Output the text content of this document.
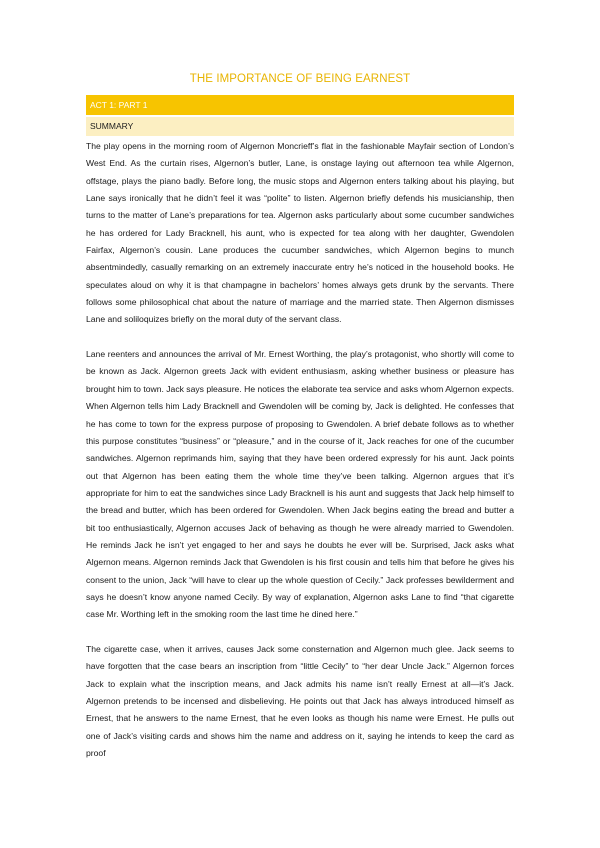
THE IMPORTANCE OF BEING EARNEST
ACT 1: PART 1
SUMMARY

The play opens in the morning room of Algernon Moncrieff’s flat in the fashionable Mayfair section of London’s West End. As the curtain rises, Algernon’s butler, Lane, is onstage laying out afternoon tea while Algernon, offstage, plays the piano badly. Before long, the music stops and Algernon enters talking about his playing, but Lane says ironically that he didn’t feel it was “polite” to listen. Algernon briefly defends his musicianship, then turns to the matter of Lane’s preparations for tea. Algernon asks particularly about some cucumber sandwiches he has ordered for Lady Bracknell, his aunt, who is expected for tea along with her daughter, Gwendolen Fairfax, Algernon’s cousin. Lane produces the cucumber sandwiches, which Algernon begins to munch absentmindedly, casually remarking on an extremely inaccurate entry he’s noticed in the household books. He speculates aloud on why it is that champagne in bachelors’ homes always gets drunk by the servants. There follows some philosophical chat about the nature of marriage and the married state. Then Algernon dismisses Lane and soliloquizes briefly on the moral duty of the servant class.

Lane reenters and announces the arrival of Mr. Ernest Worthing, the play’s protagonist, who shortly will come to be known as Jack. Algernon greets Jack with evident enthusiasm, asking whether business or pleasure has brought him to town. Jack says pleasure. He notices the elaborate tea service and asks whom Algernon expects. When Algernon tells him Lady Bracknell and Gwendolen will be coming by, Jack is delighted. He confesses that he has come to town for the express purpose of proposing to Gwendolen. A brief debate follows as to whether this purpose constitutes “business” or “pleasure,” and in the course of it, Jack reaches for one of the cucumber sandwiches. Algernon reprimands him, saying that they have been ordered expressly for his aunt. Jack points out that Algernon has been eating them the whole time they’ve been talking. Algernon argues that it’s appropriate for him to eat the sandwiches since Lady Bracknell is his aunt and suggests that Jack help himself to the bread and butter, which has been ordered for Gwendolen. When Jack begins eating the bread and butter a bit too enthusiastically, Algernon accuses Jack of behaving as though he were already married to Gwendolen. He reminds Jack he isn’t yet engaged to her and says he doubts he ever will be. Surprised, Jack asks what Algernon means. Algernon reminds Jack that Gwendolen is his first cousin and tells him that before he gives his consent to the union, Jack “will have to clear up the whole question of Cecily.” Jack professes bewilderment and says he doesn’t know anyone named Cecily. By way of explanation, Algernon asks Lane to find “that cigarette case Mr. Worthing left in the smoking room the last time he dined here.”

The cigarette case, when it arrives, causes Jack some consternation and Algernon much glee. Jack seems to have forgotten that the case bears an inscription from “little Cecily” to “her dear Uncle Jack.” Algernon forces Jack to explain what the inscription means, and Jack admits his name isn’t really Ernest at all—it’s Jack. Algernon pretends to be incensed and disbelieving. He points out that Jack has always introduced himself as Ernest, that he answers to the name Ernest, that he even looks as though his name were Ernest. He pulls out one of Jack’s visiting cards and shows him the name and address on it, saying he intends to keep the card as proof
